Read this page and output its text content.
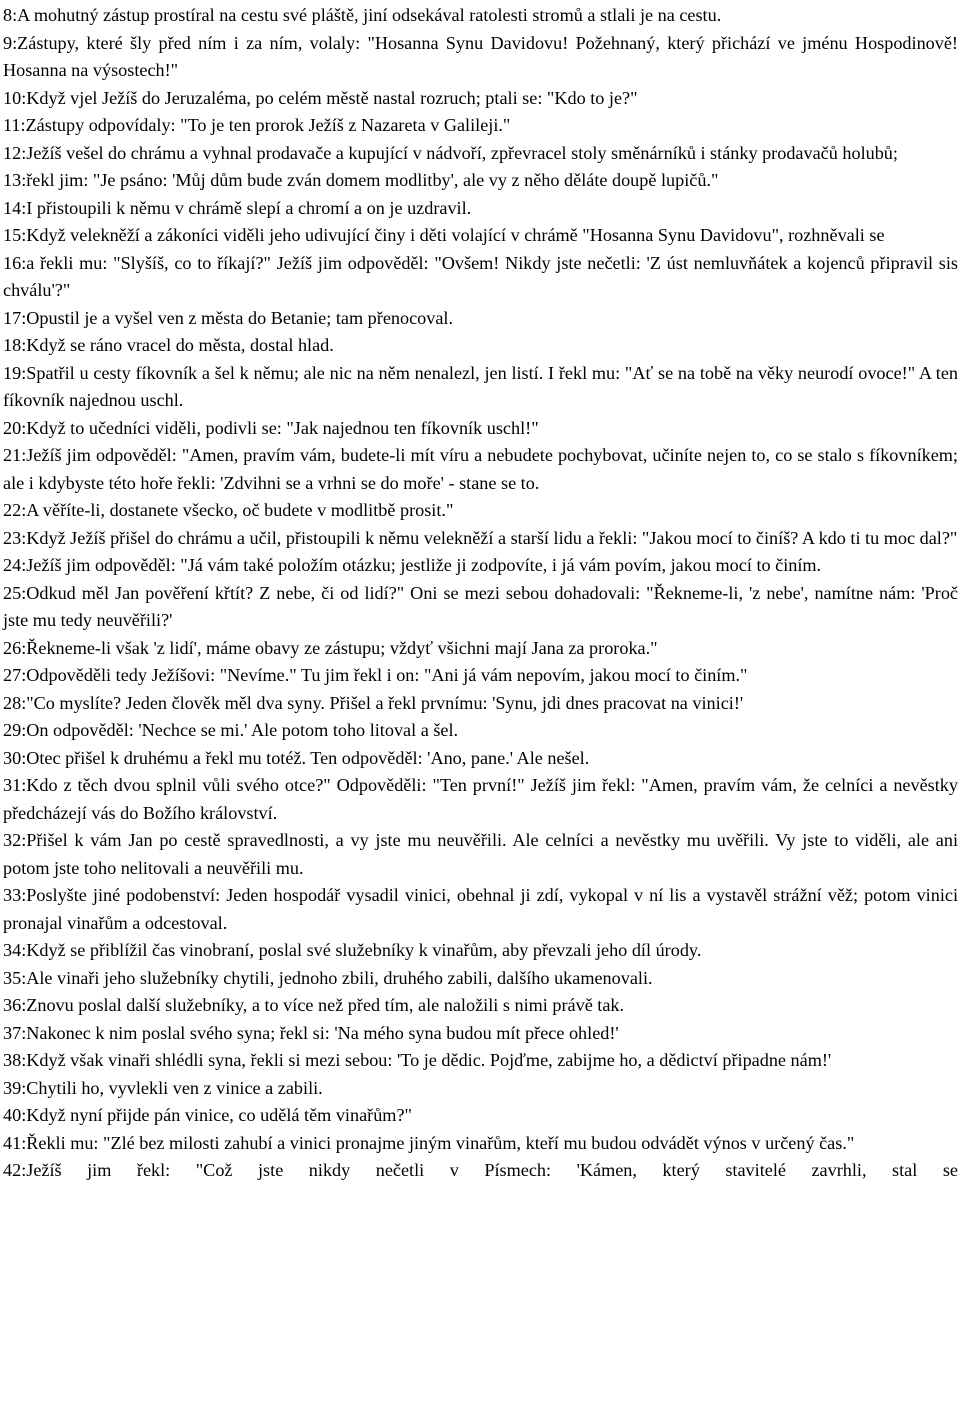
8:A mohutný zástup prostíral na cestu své pláště, jiní odsekával ratolesti stromů a stlali je na cestu.

9:Zástupy, které šly před ním i za ním, volaly: "Hosanna Synu Davidovu! Požehnaný, který přichází ve jménu Hospodinově! Hosanna na výsostech!"

10:Když vjel Ježíš do Jeruzaléma, po celém městě nastal rozruch; ptali se: "Kdo to je?"

11:Zástupy odpovídaly: "To je ten prorok Ježíš z Nazareta v Galileji."

12:Ježíš vešel do chrámu a vyhnal prodavače a kupující v nádvoří, zpřevracel stoly směnárníků i stánky prodavačů holubů;

13:řekl jim: "Je psáno: 'Můj dům bude zván domem modlitby', ale vy z něho děláte doupě lupičů."

14:I přistoupili k němu v chrámě slepí a chromí a on je uzdravil.

15:Když velekněží a zákoníci viděli jeho udivující činy i děti volající v chrámě "Hosanna Synu Davidovu", rozhněvali se

16:a řekli mu: "Slyšíš, co to říkají?" Ježíš jim odpověděl: "Ovšem! Nikdy jste nečetli: 'Z úst nemluvňátek a kojenců připravil sis chválu'?"

17:Opustil je a vyšel ven z města do Betanie; tam přenocoval.

18:Když se ráno vracel do města, dostal hlad.

19:Spatřil u cesty fíkovník a šel k němu; ale nic na něm nenalezl, jen listí. I řekl mu: "Ať se na tobě na věky neurodí ovoce!" A ten fíkovník najednou uschl.

20:Když to učedníci viděli, podivli se: "Jak najednou ten fíkovník uschl!"

21:Ježíš jim odpověděl: "Amen, pravím vám, budete-li mít víru a nebudete pochybovat, učiníte nejen to, co se stalo s fíkovníkem; ale i kdybyste této hoře řekli: 'Zdvihni se a vrhni se do moře' - stane se to.

22:A věříte-li, dostanete všecko, oč budete v modlitbě prosit."

23:Když Ježíš přišel do chrámu a učil, přistoupili k němu velekněží a starší lidu a řekli: "Jakou mocí to činíš? A kdo ti tu moc dal?"

24:Ježíš jim odpověděl: "Já vám také položím otázku; jestliže ji zodpovíte, i já vám povím, jakou mocí to činím.

25:Odkud měl Jan pověření křtít? Z nebe, či od lidí?" Oni se mezi sebou dohadovali: "Řekneme-li, 'z nebe', namítne nám: 'Proč jste mu tedy neuvěřili?'

26:Řekneme-li však 'z lidí', máme obavy ze zástupu; vždyť všichni mají Jana za proroka."

27:Odpověděli tedy Ježíšovi: "Nevíme." Tu jim řekl i on: "Ani já vám nepovím, jakou mocí to činím."

28:"Co myslíte? Jeden člověk měl dva syny. Přišel a řekl prvnímu: 'Synu, jdi dnes pracovat na vinici!'

29:On odpověděl: 'Nechce se mi.' Ale potom toho litoval a šel.

30:Otec přišel k druhému a řekl mu totéž. Ten odpověděl: 'Ano, pane.' Ale nešel.

31:Kdo z těch dvou splnil vůli svého otce?" Odpověděli: "Ten první!" Ježíš jim řekl: "Amen, pravím vám, že celníci a nevěstky předcházejí vás do Božího království.

32:Přišel k vám Jan po cestě spravedlnosti, a vy jste mu neuvěřili. Ale celníci a nevěstky mu uvěřili. Vy jste to viděli, ale ani potom jste toho nelitovali a neuvěřili mu.

33:Poslyšte jiné podobenství: Jeden hospodář vysadil vinici, obehnal ji zdí, vykopal v ní lis a vystavěl strážní věž; potom vinici pronajal vinařům a odcestoval.

34:Když se přiblížil čas vinobraní, poslal své služebníky k vinařům, aby převzali jeho díl úrody.

35:Ale vinaři jeho služebníky chytili, jednoho zbili, druhého zabili, dalšího ukamenovali.

36:Znovu poslal další služebníky, a to více než před tím, ale naložili s nimi právě tak.

37:Nakonec k nim poslal svého syna; řekl si: 'Na mého syna budou mít přece ohled!'

38:Když však vinaři shlédli syna, řekli si mezi sebou: 'To je dědic. Pojďme, zabijme ho, a dědictví připadne nám!'

39:Chytili ho, vyvlekli ven z vinice a zabili.

40:Když nyní přijde pán vinice, co udělá těm vinařům?"

41:Řekli mu: "Zlé bez milosti zahubí a vinici pronajme jiným vinařům, kteří mu budou odvádět výnos v určený čas."

42:Ježíš jim řekl: "Což jste nikdy nečetli v Písmech: 'Kámen, který stavitelé zavrhli, stal se
